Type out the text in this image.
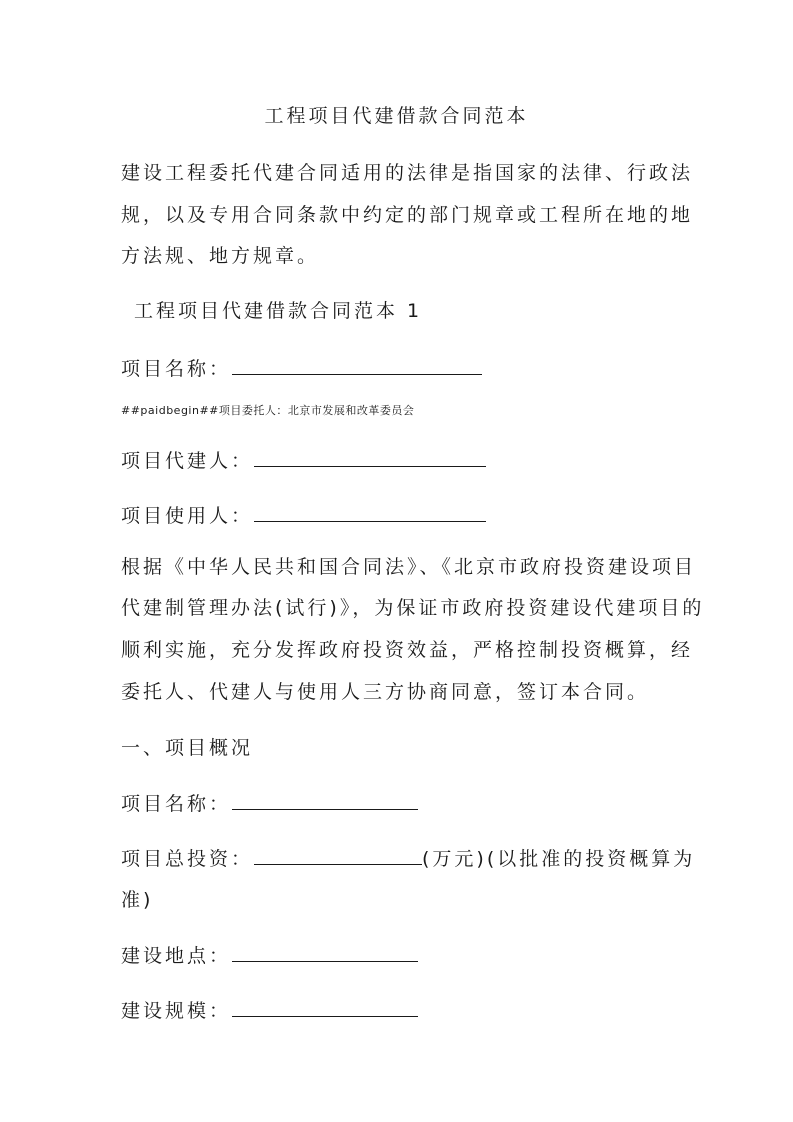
工程项目代建借款合同范本
建设工程委托代建合同适用的法律是指国家的法律、行政法
规，以及专用合同条款中约定的部门规章或工程所在地的地
方法规、地方规章。
工程项目代建借款合同范本 1
项目名称：
##paidbegin##项目委托人：北京市发展和改革委员会
项目代建人：
项目使用人：
根据《中华人民共和国合同法》、《北京市政府投资建设项目
代建制管理办法(试行)》，为保证市政府投资建设代建项目的
顺利实施，充分发挥政府投资效益，严格控制投资概算，经
委托人、代建人与使用人三方协商同意，签订本合同。
一、项目概况
项目名称：
项目总投资：	(万元)(以批准的投资概算为
准)
建设地点：
建设规模：
